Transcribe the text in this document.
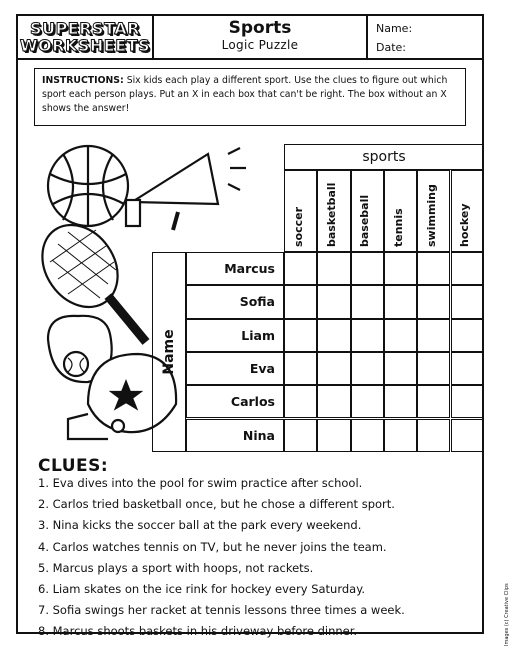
SUPERSTAR
WORKSHEETS
Sports
Logic Puzzle
Name:
Date:
INSTRUCTIONS: Six kids each play a different sport. Use the clues to figure out which sport each person plays. Put an X in each box that can't be right. The box without an X shows the answer!
sports
Name
CLUES:
Images (c) Creative Clips
soccer basketball baseball tennis swimming hockey
Marcus
Sofia
Liam
Eva
Carlos
Nina
1. Eva dives into the pool for swim practice after school.
2. Carlos tried basketball once, but he chose a different sport.
3. Nina kicks the soccer ball at the park every weekend.
4. Carlos watches tennis on TV, but he never joins the team.
5. Marcus plays a sport with hoops, not rackets.
6. Liam skates on the ice rink for hockey every Saturday.
7. Sofia swings her racket at tennis lessons three times a week.
8. Marcus shoots baskets in his driveway before dinner.
